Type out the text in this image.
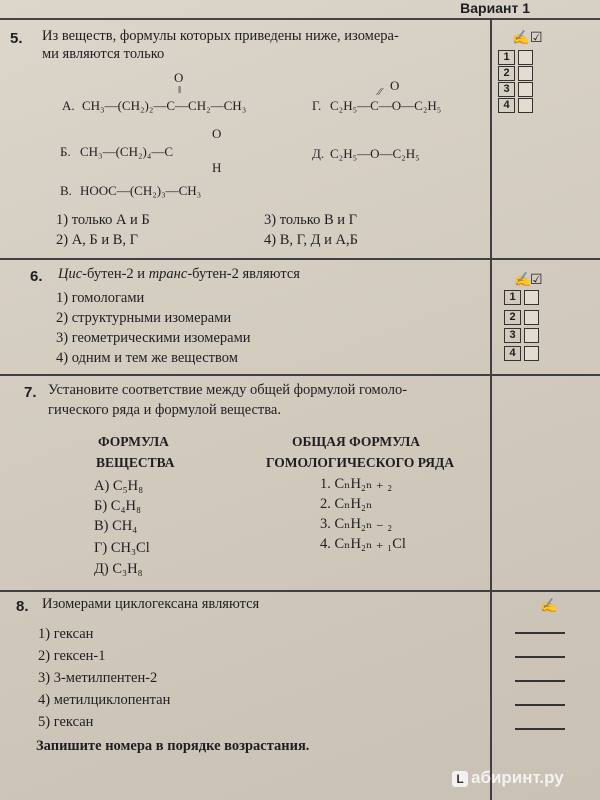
Вариант 1
5. Из веществ, формулы которых приведены ниже, изомера-
ми являются только
O
‖
А. CH₃—(CH₂)₂—C—CH₂—CH₃
O
⁄⁄
Г. C₂H₅—C—O—C₂H₅
O
Б. CH₃—(CH₂)₄—C
H
Д. C₂H₅—O—C₂H₅
В. HOOC—(CH₂)₃—CH₃
1) только А и Б
2) А, Б и В, Г
3) только В и Г
4) В, Г, Д и А,Б
✍ ☑
1
2
3
4
6. Цис-бутен-2 и транс-бутен-2 являются
1) гомологами
2) структурными изомерами
3) геометрическими изомерами
4) одним и тем же веществом
✍
☑
1
2
3
4
7. Установите соответствие между общей формулой гомоло-
гического ряда и формулой вещества.
ФОРМУЛА
ВЕЩЕСТВА
ОБЩАЯ ФОРМУЛА
ГОМОЛОГИЧЕСКОГО РЯДА
А) C₅H₈
Б) C₄H₈
В) CH₄
Г) CH₃Cl
Д) C₃H₈
1. CₙH₂ₙ ₊ ₂
2. CₙH₂ₙ
3. CₙH₂ₙ ₋ ₂
4. CₙH₂ₙ ₊ ₁Cl
8. Изомерами циклогексана являются	✍
1) гексан
2) гексен-1
3) 3-метилпентен-2
4) метилциклопентан
5) гексан
Запишите номера в порядке возрастания.
L абиринт.ру
